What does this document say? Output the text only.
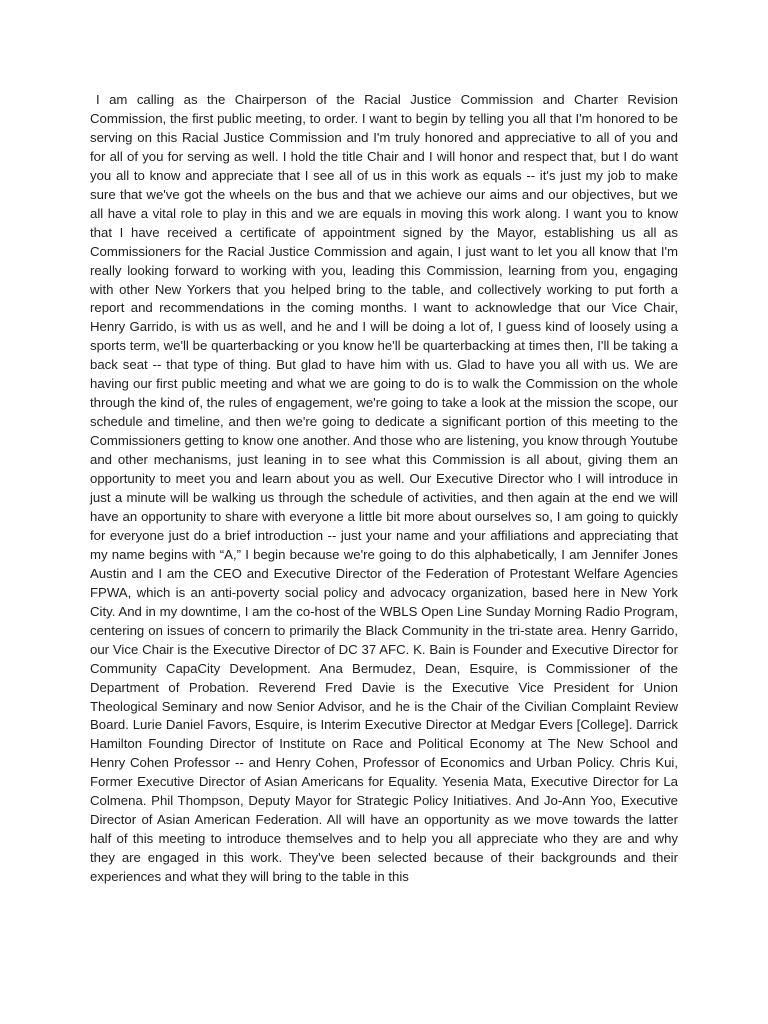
I am calling as the Chairperson of the Racial Justice Commission and Charter Revision Commission, the first public meeting, to order. I want to begin by telling you all that I'm honored to be serving on this Racial Justice Commission and I'm truly honored and appreciative to all of you and for all of you for serving as well. I hold the title Chair and I will honor and respect that, but I do want you all to know and appreciate that I see all of us in this work as equals -- it's just my job to make sure that we've got the wheels on the bus and that we achieve our aims and our objectives, but we all have a vital role to play in this and we are equals in moving this work along. I want you to know that I have received a certificate of appointment signed by the Mayor, establishing us all as Commissioners for the Racial Justice Commission and again, I just want to let you all know that I'm really looking forward to working with you, leading this Commission, learning from you, engaging with other New Yorkers that you helped bring to the table, and collectively working to put forth a report and recommendations in the coming months. I want to acknowledge that our Vice Chair, Henry Garrido, is with us as well, and he and I will be doing a lot of, I guess kind of loosely using a sports term, we'll be quarterbacking or you know he'll be quarterbacking at times then, I'll be taking a back seat -- that type of thing. But glad to have him with us. Glad to have you all with us. We are having our first public meeting and what we are going to do is to walk the Commission on the whole through the kind of, the rules of engagement, we're going to take a look at the mission the scope, our schedule and timeline, and then we're going to dedicate a significant portion of this meeting to the Commissioners getting to know one another. And those who are listening, you know through Youtube and other mechanisms, just leaning in to see what this Commission is all about, giving them an opportunity to meet you and learn about you as well. Our Executive Director who I will introduce in just a minute will be walking us through the schedule of activities, and then again at the end we will have an opportunity to share with everyone a little bit more about ourselves so, I am going to quickly for everyone just do a brief introduction -- just your name and your affiliations and appreciating that my name begins with “A,” I begin because we're going to do this alphabetically, I am Jennifer Jones Austin and I am the CEO and Executive Director of the Federation of Protestant Welfare Agencies FPWA, which is an anti-poverty social policy and advocacy organization, based here in New York City. And in my downtime, I am the co-host of the WBLS Open Line Sunday Morning Radio Program, centering on issues of concern to primarily the Black Community in the tri-state area. Henry Garrido, our Vice Chair is the Executive Director of DC 37 AFC. K. Bain is Founder and Executive Director for Community CapaCity Development. Ana Bermudez, Dean, Esquire, is Commissioner of the Department of Probation. Reverend Fred Davie is the Executive Vice President for Union Theological Seminary and now Senior Advisor, and he is the Chair of the Civilian Complaint Review Board. Lurie Daniel Favors, Esquire, is Interim Executive Director at Medgar Evers [College]. Darrick Hamilton Founding Director of Institute on Race and Political Economy at The New School and Henry Cohen Professor -- and Henry Cohen, Professor of Economics and Urban Policy. Chris Kui, Former Executive Director of Asian Americans for Equality. Yesenia Mata, Executive Director for La Colmena. Phil Thompson, Deputy Mayor for Strategic Policy Initiatives. And Jo-Ann Yoo, Executive Director of Asian American Federation. All will have an opportunity as we move towards the latter half of this meeting to introduce themselves and to help you all appreciate who they are and why they are engaged in this work. They've been selected because of their backgrounds and their experiences and what they will bring to the table in this
